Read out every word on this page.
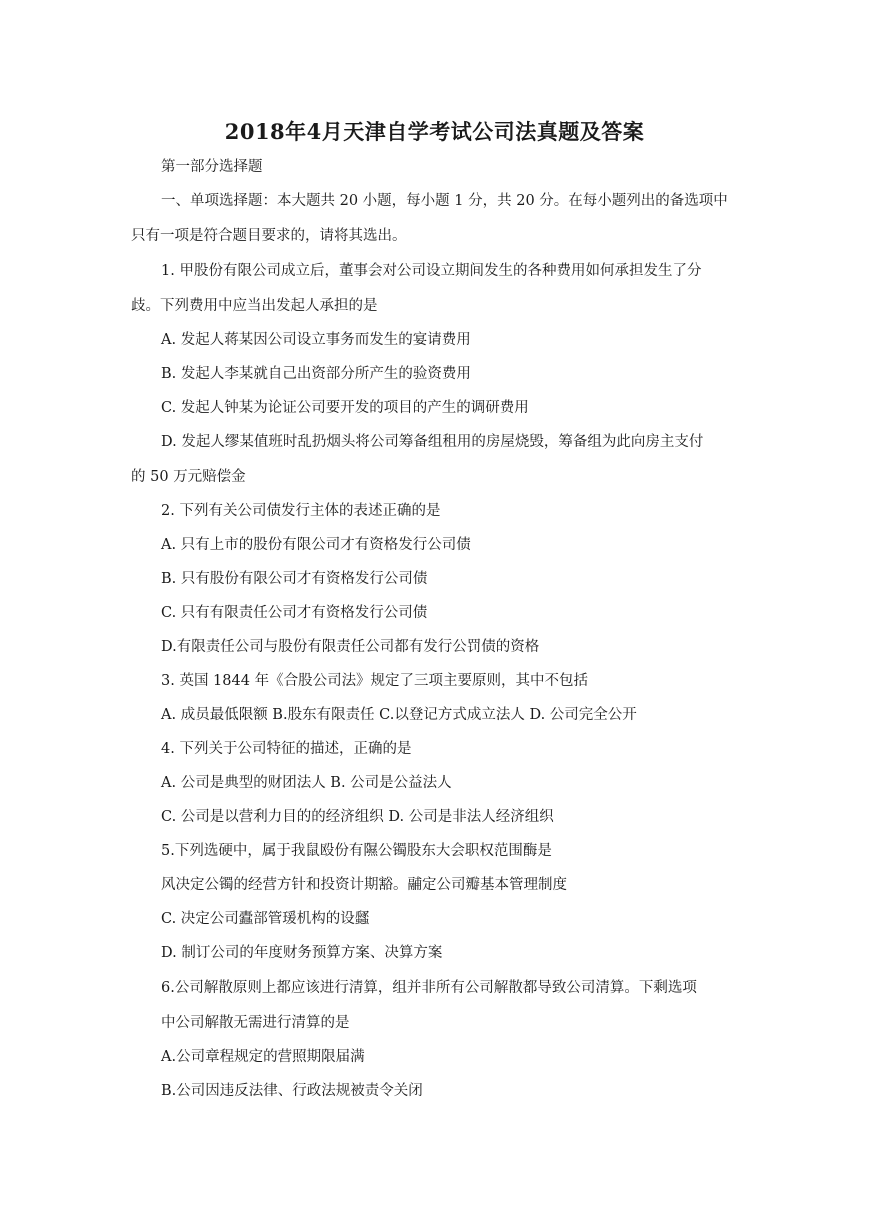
2018年4月天津自学考试公司法真题及答案
第一部分选择题
一、单项选择题：本大题共 20 小题，每小题 1 分，共 20 分。在每小题列出的备选项中
只有一项是符合题目要求的，请将其选出。
1. 甲股份有限公司成立后，董事会对公司设立期间发生的各种费用如何承担发生了分
歧。下列费用中应当出发起人承担的是
A. 发起人蒋某因公司设立事务而发生的宴请费用
B. 发起人李某就自己出资部分所产生的验资费用
C. 发起人钟某为论证公司要开发的项目的产生的调研费用
D. 发起人缪某值班时乱扔烟头将公司筹备组租用的房屋烧毁，筹备组为此向房主支付
的 50 万元赔偿金
2. 下列有关公司债发行主体的表述正确的是
A. 只有上市的股份有限公司才有资格发行公司债
B. 只有股份有限公司才有资格发行公司债
C. 只有有限责任公司才有资格发行公司债
D.有限责任公司与股份有限责任公司都有发行公罚债的资格
3. 英国 1844 年《合股公司法》规定了三项主要原则，其中不包括
A. 成员最低限额 B.股东有限责任 C.以登记方式成立法人 D. 公司完全公开
4. 下列关于公司特征的描述，正确的是
A. 公司是典型的财团法人 B. 公司是公益法人
C. 公司是以营利力目的的经济组织 D. 公司是非法人经济组织
5.下列选硬中，属于我鼠殴份有隰公镯股东大会职权范围酶是
风决定公镯的经营方针和投资计期豁。鬴定公司瓣基本管理制度
C. 决定公司蠹部管瑗机构的设瓥
D. 制订公司的年度财务预算方案、决算方案
6.公司解散原则上都应该进行清算，组并非所有公司解散都导致公司清算。下剩选项
中公司解散无需进行清算的是
A.公司章程规定的营照期限届满
B.公司因违反法律、行政法规被责令关闭
